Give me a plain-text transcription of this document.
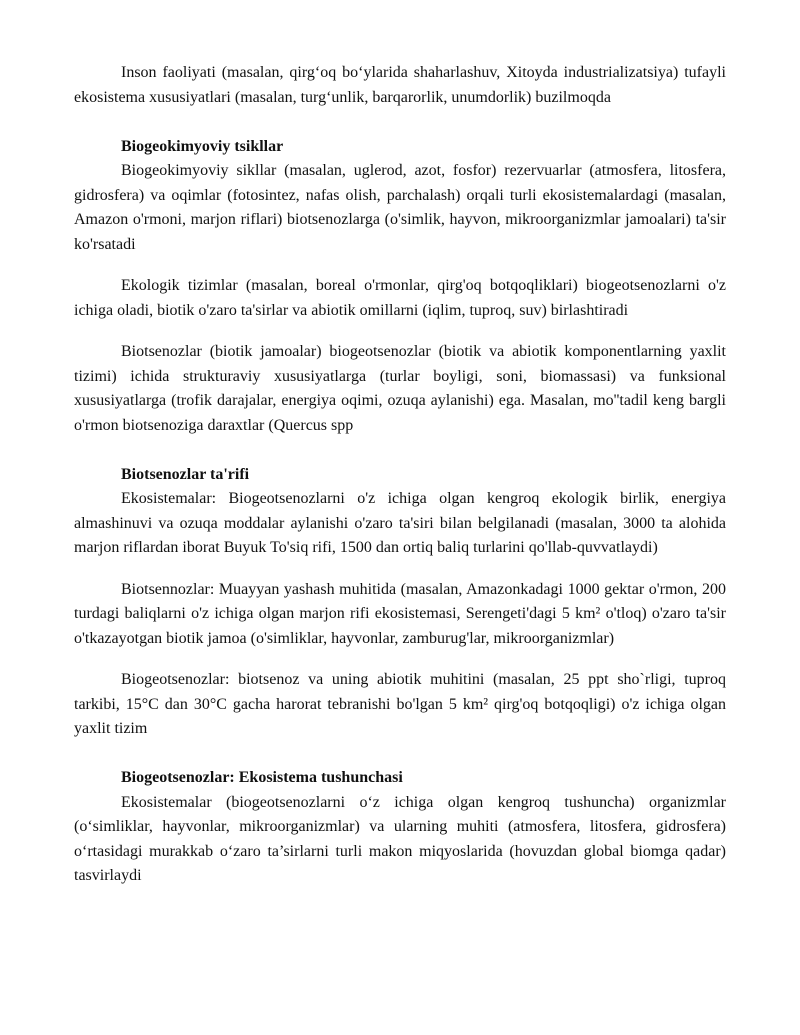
Inson faoliyati (masalan, qirg‘oq bo‘ylarida shaharlashuv, Xitoyda industrializatsiya) tufayli ekosistema xususiyatlari (masalan, turg‘unlik, barqarorlik, unumdorlik) buzilmoqda

Biogeokimyoviy tsikllar

Biogeokimyoviy sikllar (masalan, uglerod, azot, fosfor) rezervuarlar (atmosfera, litosfera, gidrosfera) va oqimlar (fotosintez, nafas olish, parchalash) orqali turli ekosistemalardagi (masalan, Amazon o'rmoni, marjon riflari) biotsenozlarga (o'simlik, hayvon, mikroorganizmlar jamoalari) ta'sir ko'rsatadi

Ekologik tizimlar (masalan, boreal o'rmonlar, qirg'oq botqoqliklari) biogeotsenozlarni o'z ichiga oladi, biotik o'zaro ta'sirlar va abiotik omillarni (iqlim, tuproq, suv) birlashtiradi

Biotsenozlar (biotik jamoalar) biogeotsenozlar (biotik va abiotik komponentlarning yaxlit tizimi) ichida strukturaviy xususiyatlarga (turlar boyligi, soni, biomassasi) va funksional xususiyatlarga (trofik darajalar, energiya oqimi, ozuqa aylanishi) ega. Masalan, mo''tadil keng bargli o'rmon biotsenoziga daraxtlar (Quercus spp

Biotsenozlar ta'rifi

Ekosistemalar: Biogeotsenozlarni o'z ichiga olgan kengroq ekologik birlik, energiya almashinuvi va ozuqa moddalar aylanishi o'zaro ta'siri bilan belgilanadi (masalan, 3000 ta alohida marjon riflardan iborat Buyuk To'siq rifi, 1500 dan ortiq baliq turlarini qo'llab-quvvatlaydi)

Biotsennozlar: Muayyan yashash muhitida (masalan, Amazonkadagi 1000 gektar o'rmon, 200 turdagi baliqlarni o'z ichiga olgan marjon rifi ekosistemasi, Serengeti'dagi 5 km² o'tloq) o'zaro ta'sir o'tkazayotgan biotik jamoa (o'simliklar, hayvonlar, zamburug'lar, mikroorganizmlar)

Biogeotsenozlar: biotsenoz va uning abiotik muhitini (masalan, 25 ppt sho`rligi, tuproq tarkibi, 15°C dan 30°C gacha harorat tebranishi bo'lgan 5 km² qirg'oq botqoqligi) o'z ichiga olgan yaxlit tizim

Biogeotsenozlar: Ekosistema tushunchasi

Ekosistemalar (biogeotsenozlarni o‘z ichiga olgan kengroq tushuncha) organizmlar (o‘simliklar, hayvonlar, mikroorganizmlar) va ularning muhiti (atmosfera, litosfera, gidrosfera) o‘rtasidagi murakkab o‘zaro ta’sirlarni turli makon miqyoslarida (hovuzdan global biomga qadar) tasvirlaydi
